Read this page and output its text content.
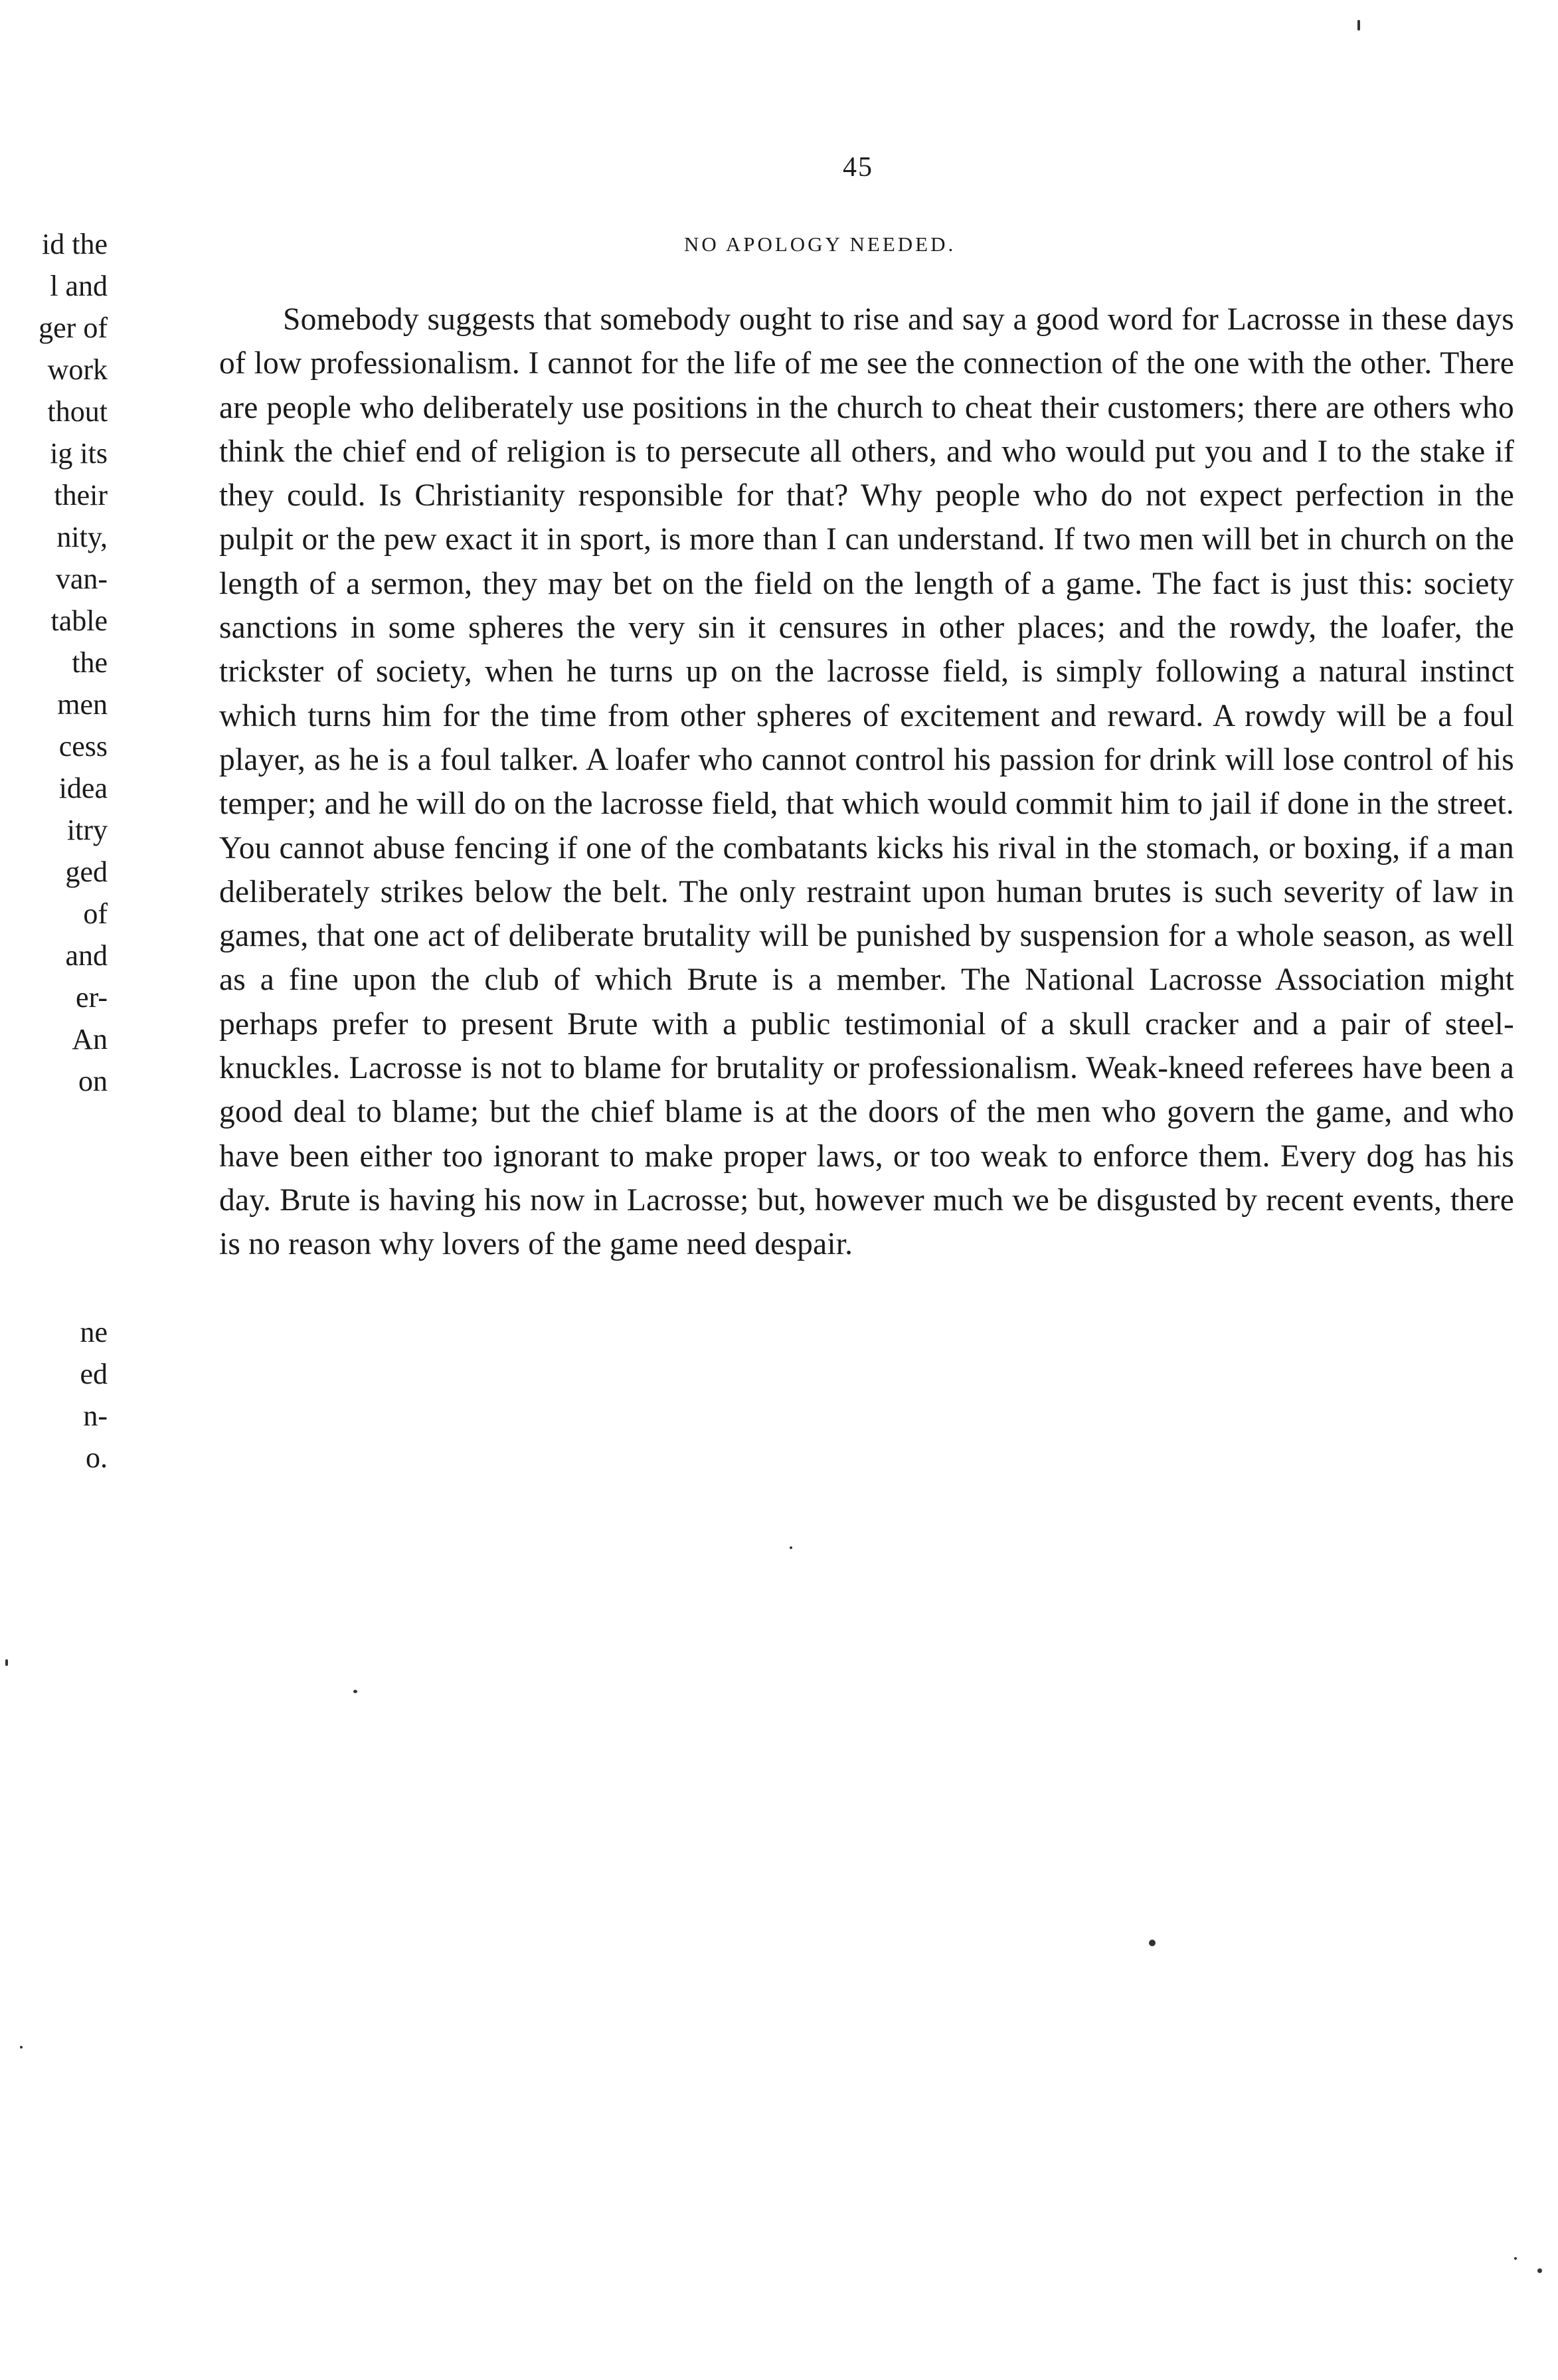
45
NO APOLOGY NEEDED.

Somebody suggests that somebody ought to rise and say a good word for Lacrosse in these days of low professionalism. I cannot for the life of me see the connection of the one with the other. There are people who deliberately use positions in the church to cheat their customers; there are others who think the chief end of religion is to persecute all others, and who would put you and I to the stake if they could. Is Christianity responsible for that? Why people who do not expect perfection in the pulpit or the pew exact it in sport, is more than I can understand. If two men will bet in church on the length of a sermon, they may bet on the field on the length of a game. The fact is just this: society sanctions in some spheres the very sin it censures in other places; and the rowdy, the loafer, the trickster of society, when he turns up on the lacrosse field, is simply following a natural instinct which turns him for the time from other spheres of excitement and reward. A rowdy will be a foul player, as he is a foul talker. A loafer who cannot control his passion for drink will lose control of his temper; and he will do on the lacrosse field, that which would commit him to jail if done in the street. You cannot abuse fencing if one of the combatants kicks his rival in the stomach, or boxing, if a man deliberately strikes below the belt. The only restraint upon human brutes is such severity of law in games, that one act of deliberate brutality will be punished by suspension for a whole season, as well as a fine upon the club of which Brute is a member. The National Lacrosse Association might perhaps prefer to present Brute with a public testimonial of a skull cracker and a pair of steel-knuckles. Lacrosse is not to blame for brutality or professionalism. Weak-kneed referees have been a good deal to blame; but the chief blame is at the doors of the men who govern the game, and who have been either too ignorant to make proper laws, or too weak to enforce them. Every dog has his day. Brute is having his now in Lacrosse; but, however much we be disgusted by recent events, there is no reason why lovers of the game need despair.

id the
l and
ger of
work
thout
ig its
their
nity,
van-
table
the
men
cess
idea
itry
ged
of
and
er-
An
on
ne
ed
n-
o.
